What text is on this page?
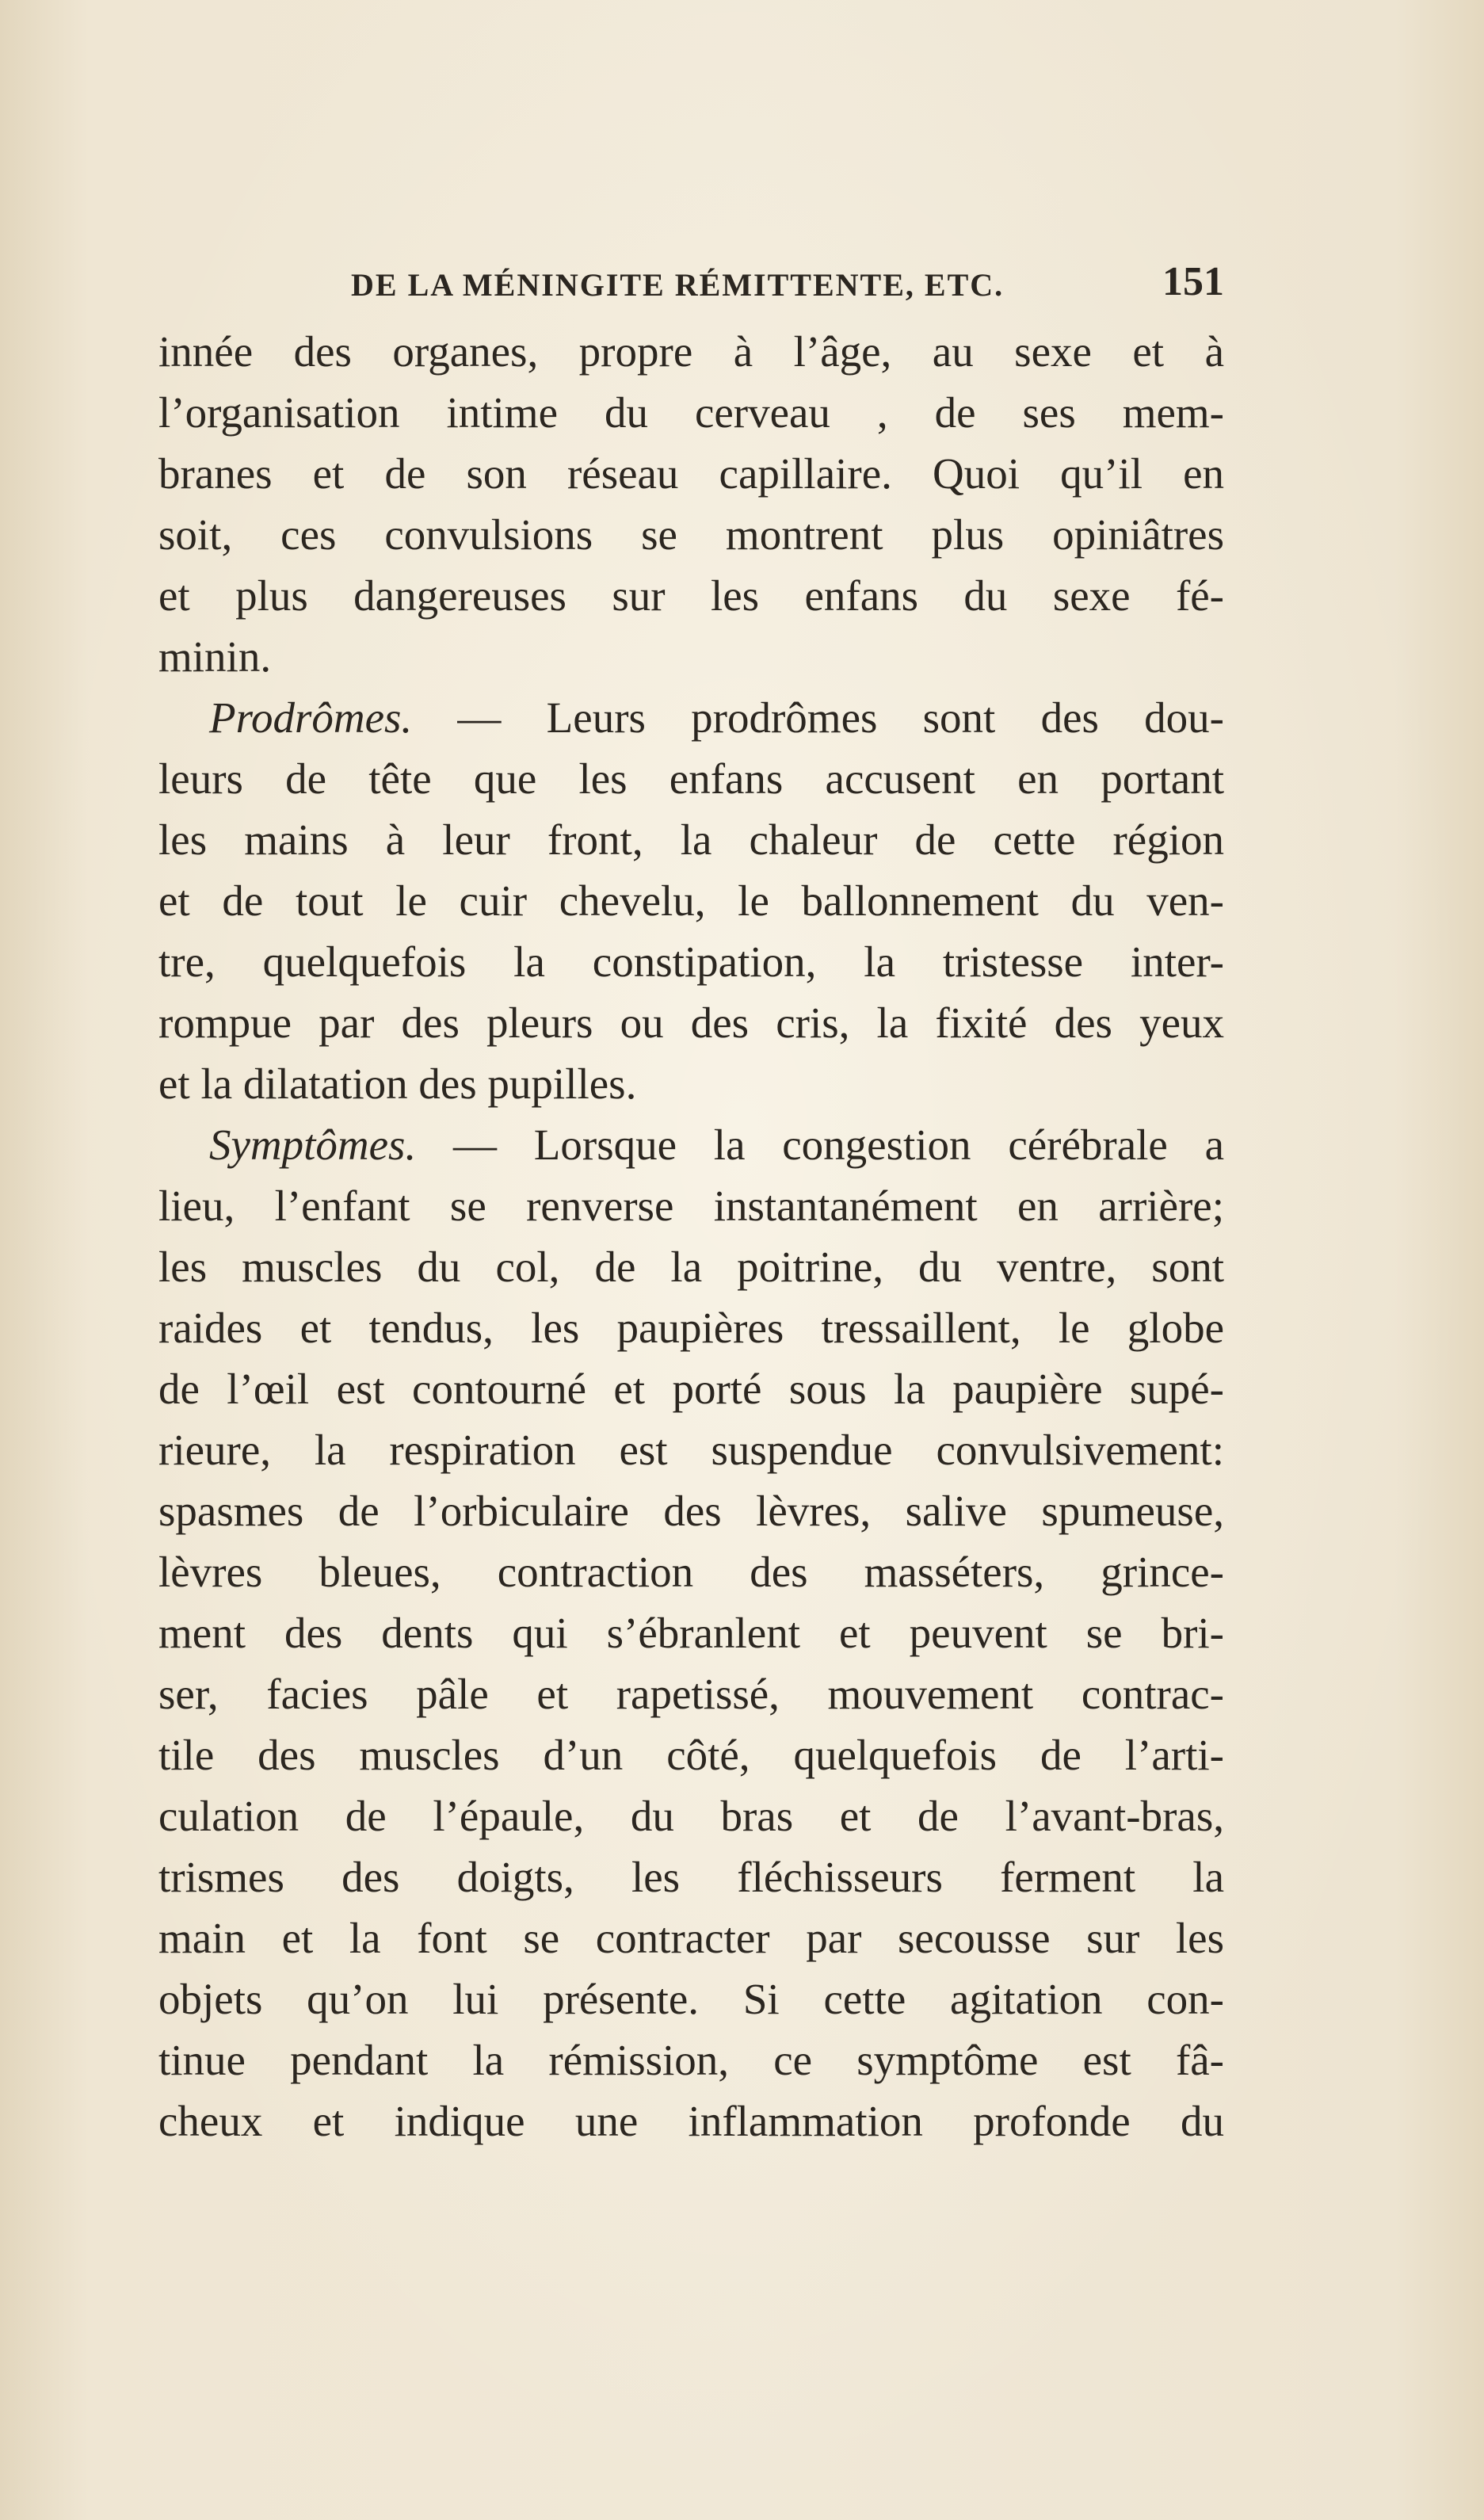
DE LA MÉNINGITE RÉMITTENTE, ETC.	151
innée des organes, propre à l’âge, au sexe et à
l’organisation intime du cerveau , de ses mem-
branes et de son réseau capillaire. Quoi qu’il en
soit, ces convulsions se montrent plus opiniâtres
et plus dangereuses sur les enfans du sexe fé-
minin.
Prodrômes. — Leurs prodrômes sont des dou-
leurs de tête que les enfans accusent en portant
les mains à leur front, la chaleur de cette région
et de tout le cuir chevelu, le ballonnement du ven-
tre, quelquefois la constipation, la tristesse inter-
rompue par des pleurs ou des cris, la fixité des yeux
et la dilatation des pupilles.
Symptômes. — Lorsque la congestion cérébrale a
lieu, l’enfant se renverse instantanément en arrière;
les muscles du col, de la poitrine, du ventre, sont
raides et tendus, les paupières tressaillent, le globe
de l’œil est contourné et porté sous la paupière supé-
rieure, la respiration est suspendue convulsivement:
spasmes de l’orbiculaire des lèvres, salive spumeuse,
lèvres bleues, contraction des masséters, grince-
ment des dents qui s’ébranlent et peuvent se bri-
ser, facies pâle et rapetissé, mouvement contrac-
tile des muscles d’un côté, quelquefois de l’arti-
culation de l’épaule, du bras et de l’avant-bras,
trismes des doigts, les fléchisseurs ferment la
main et la font se contracter par secousse sur les
objets qu’on lui présente. Si cette agitation con-
tinue pendant la rémission, ce symptôme est fâ-
cheux et indique une inflammation profonde du
